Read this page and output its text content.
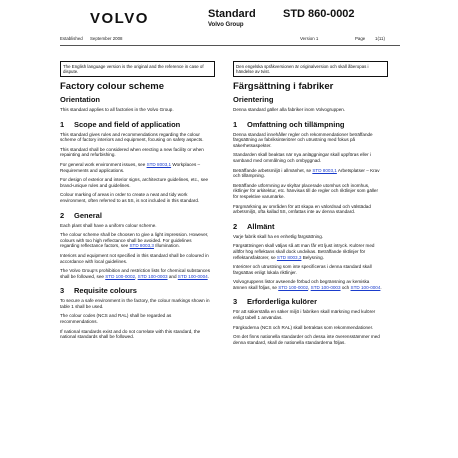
VOLVO	Standard
Volvo Group
STD 860-0002
Established September 2008	Version 1	Page 1(11)
The English language version is the original and the reference in case of dispute.
Den engelska språkversionen är originalversion och skall åberopas i händelse av tvist.
Factory colour scheme
Orientation
This standard applies to all factories in the Volvo Group.
1 Scope and field of application
This standard gives rules and recommendations regarding the colour scheme of factory interiors and equipment, focusing on safety aspects.
This standard shall be considered when erecting a new facility or when repainting and refurbishing.
For general work environment issues, see STD 8003,1 Workplaces – Requirements and applications.
For design of exterior and interior signs, architecture guidelines, etc., see brand-unique rules and guidelines.
Colour marking of areas in order to create a neat and tidy work environment, often referred to as 5S, is not included in this standard.
2 General
Each plant shall have a uniform colour scheme.
The colour scheme shall be choosen to give a light impression. However, colours with too high reflectance shall be avoided. For guidelines regarding reflectance factors, see STD 8003,3 Illumination.
Interiors and equipment not specified in this standard shall be coloured in accordance with local guidelines.
The Volvo Group's prohibition and restriction lists for chemical substances shall be followed, see STD 100-0002, STD 100-0003 and STD 100-0004.
3 Requisite colours
To secure a safe environment in the factory, the colour markings shown in table 1 shall be used.
The colour codes (NCS and RAL) shall be regarded as recommendations.
If national standards exist and do not correlate with this standard, the national standards shall be followed.
Färgsättning i fabriker
Orientering
Denna standard gäller alla fabriker inom Volvogruppen.
1 Omfattning och tillämpning
Denna standard innehåller regler och rekommendationer beträffande färgsättning av fabriksinteriörer och utrustning med fokus på säkerhetsaspekter.
Standarden skall beaktas när nya anläggningar skall uppföras eller i samband med ommålning och ombyggnad.
Beträffande arbetsmiljö i allmänhet, se STD 8003,1 Arbetsplatser – Krav och tillämpning.
Beträffande utformning av skyltar placerade utomhus och inomhus, riktlinjer för arkitektur, etc. hänvisas till de regler och riktlinjer som gäller för respektive varumärke.
Färgmärkning av områden för att skapa en välordnad och välstädad arbetsmiljö, ofta kallad 5S, omfattas inte av denna standard.
2 Allmänt
Varje fabrik skall ha en enhetlig färgsättning.
Färgsättningen skall väljas så att man får ett ljust intryck. Kulörer med alltför hög reflektans skall dock undvikas. Beträffande riktlinjer för reflektansfaktorer, se STD 8003,3 Belysning.
Interiörer och utrustning som inte specificeras i denna standard skall färgsättas enligt lokala riktlinjer.
Volvogruppens listor avseende förbud och begränsning av kemiska ämnen skall följas, se STD 100-0002, STD 100-0003 och STD 100-0004.
3 Erforderliga kulörer
För att säkerställa en säker miljö i fabriken skall märkning med kulörer enligt tabell 1 användas.
Färgkoderna (NCS och RAL) skall betraktas som rekommendationer.
Om det finns nationella standarder och dessa inte överensstämmer med denna standard, skall de nationella standarderna följas.
